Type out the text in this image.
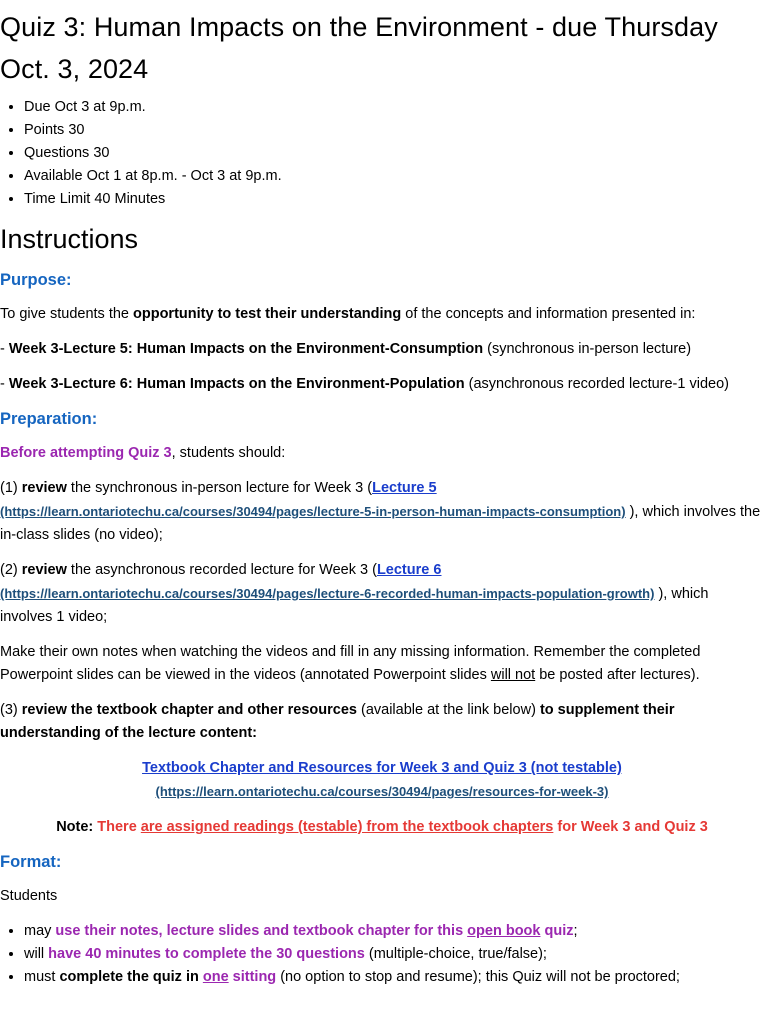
Quiz 3: Human Impacts on the Environment - due Thursday Oct. 3, 2024
• Due Oct 3 at 9p.m.
• Points 30
• Questions 30
• Available Oct 1 at 8p.m. - Oct 3 at 9p.m.
• Time Limit 40 Minutes
Instructions
Purpose:

To give students the opportunity to test their understanding of the concepts and information presented in:

- Week 3-Lecture 5: Human Impacts on the Environment-Consumption (synchronous in-person lecture)

- Week 3-Lecture 6: Human Impacts on the Environment-Population (asynchronous recorded lecture-1 video)

Preparation:

Before attempting Quiz 3, students should:

(1) review the synchronous in-person lecture for Week 3 (Lecture 5
(https://learn.ontariotechu.ca/courses/30494/pages/lecture-5-in-person-human-impacts-consumption) ), which involves the in-class slides (no video);

(2) review the asynchronous recorded lecture for Week 3 (Lecture 6
(https://learn.ontariotechu.ca/courses/30494/pages/lecture-6-recorded-human-impacts-population-growth) ), which involves 1 video;

Make their own notes when watching the videos and fill in any missing information. Remember the completed Powerpoint slides can be viewed in the videos (annotated Powerpoint slides will not be posted after lectures).

(3) review the textbook chapter and other resources (available at the link below) to supplement their understanding of the lecture content:

Textbook Chapter and Resources for Week 3 and Quiz 3 (not testable)
(https://learn.ontariotechu.ca/courses/30494/pages/resources-for-week-3)

Note: There are assigned readings (testable) from the textbook chapters for Week 3 and Quiz 3

Format:

Students

• may use their notes, lecture slides and textbook chapter for this open book quiz;
• will have 40 minutes to complete the 30 questions (multiple-choice, true/false);
• must complete the quiz in one sitting (no option to stop and resume); this Quiz will not be proctored;
